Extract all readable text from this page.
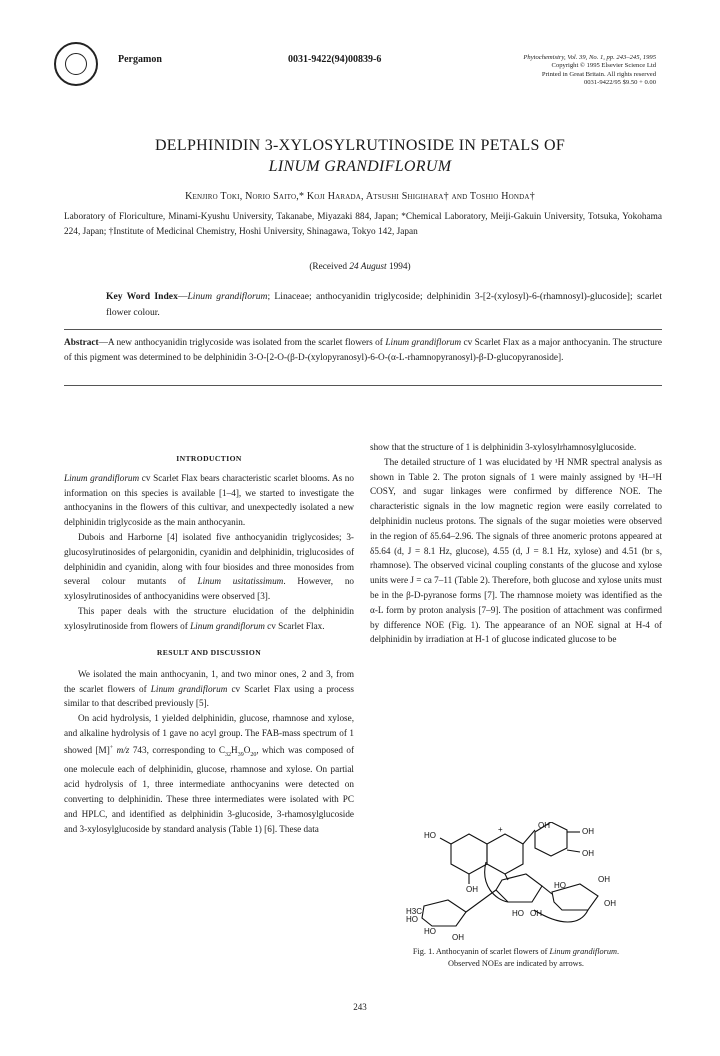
Pergamon	0031-9422(94)00839-6	Phytochemistry, Vol. 39, No. 1, pp. 243–245, 1995
Copyright © 1995 Elsevier Science Ltd
Printed in Great Britain. All rights reserved
0031-9422/95 $9.50 + 0.00
DELPHINIDIN 3-XYLOSYLRUTINOSIDE IN PETALS OF
LINUM GRANDIFLORUM
Kenjiro Toki, Norio Saito,* Koji Harada, Atsushi Shigihara† and Toshio Honda†
Laboratory of Floriculture, Minami-Kyushu University, Takanabe, Miyazaki 884, Japan; *Chemical Laboratory, Meiji-Gakuin University, Totsuka, Yokohama 224, Japan; †Institute of Medicinal Chemistry, Hoshi University, Shinagawa, Tokyo 142, Japan
(Received 24 August 1994)
Key Word Index—Linum grandiflorum; Linaceae; anthocyanidin triglycoside; delphinidin 3-[2-(xylosyl)-6-(rhamnosyl)-glucoside]; scarlet flower colour.
Abstract—A new anthocyanidin triglycoside was isolated from the scarlet flowers of Linum grandiflorum cv Scarlet Flax as a major anthocyanin. The structure of this pigment was determined to be delphinidin 3-O-[2-O-(β-D-(xylopyranosyl)-6-O-(α-L-rhamnopyranosyl)-β-D-glucopyranoside].
INTRODUCTION

Linum grandiflorum cv Scarlet Flax bears characteristic scarlet blooms. As no information on this species is available [1–4], we started to investigate the anthocyanins in the flowers of this cultivar, and unexpectedly isolated a new delphinidin triglycoside as the main anthocyanin.

Dubois and Harborne [4] isolated five anthocyanidin triglycosides; 3-glucosylrutinosides of pelargonidin, cyanidin and delphinidin, triglucosides of delphinidin and cyanidin, along with four biosides and three monosides from several colour mutants of Linum usitatissimum. However, no xylosylrutinosides of anthocyanidins were observed [3].

This paper deals with the structure elucidation of the delphinidin xylosylrutinoside from flowers of Linum grandiflorum cv Scarlet Flax.

RESULT AND DISCUSSION

We isolated the main anthocyanin, 1, and two minor ones, 2 and 3, from the scarlet flowers of Linum grandiflorum cv Scarlet Flax using a process similar to that described previously [5].

On acid hydrolysis, 1 yielded delphinidin, glucose, rhamnose and xylose, and alkaline hydrolysis of 1 gave no acyl group. The FAB-mass spectrum of 1 showed [M]+ m/z 743, corresponding to $C_{32}H_{39}O_{20}$, which was composed of one molecule each of delphinidin, glucose, rhamnose and xylose. On partial acid hydrolysis of 1, three intermediate anthocyanins were detected on converting to delphinidin. These three intermediates were isolated with PC and HPLC, and identified as delphinidin 3-glucoside, 3-rhamosylglucoside and 3-xylosylglucoside by standard analysis (Table 1) [6]. These data

show that the structure of 1 is delphinidin 3-xylosylrhamnosylglucoside.

The detailed structure of 1 was elucidated by ¹H NMR spectral analysis as shown in Table 2. The proton signals of 1 were mainly assigned by ¹H–¹H COSY, and sugar linkages were confirmed by difference NOE. The characteristic signals in the low magnetic region were easily correlated to delphinidin nucleus protons. The signals of the sugar moieties were observed in the region of δ5.64–2.96. The signals of three anomeric protons appeared at δ5.64 (d, J = 8.1 Hz, glucose), 4.55 (d, J = 8.1 Hz, xylose) and 4.51 (br s, rhamnose). The observed vicinal coupling constants of the glucose and xylose units were J = ca 7–11 (Table 2). Therefore, both glucose and xylose units must be in the β-D-pyranose forms [7]. The rhamnose moiety was identified as the α-L form by proton analysis [7–9]. The position of attachment was confirmed by difference NOE (Fig. 1). The appearance of an NOE signal at H-4 of delphinidin by irradiation at H-1 of glucose indicated glucose to be

OH
OH
HO
OH
+
OH
OH
HO
OH
HO OH
H3C
HO
HO
OH
Fig. 1. Anthocyanin of scarlet flowers of Linum grandiflorum.
Observed NOEs are indicated by arrows.
243
